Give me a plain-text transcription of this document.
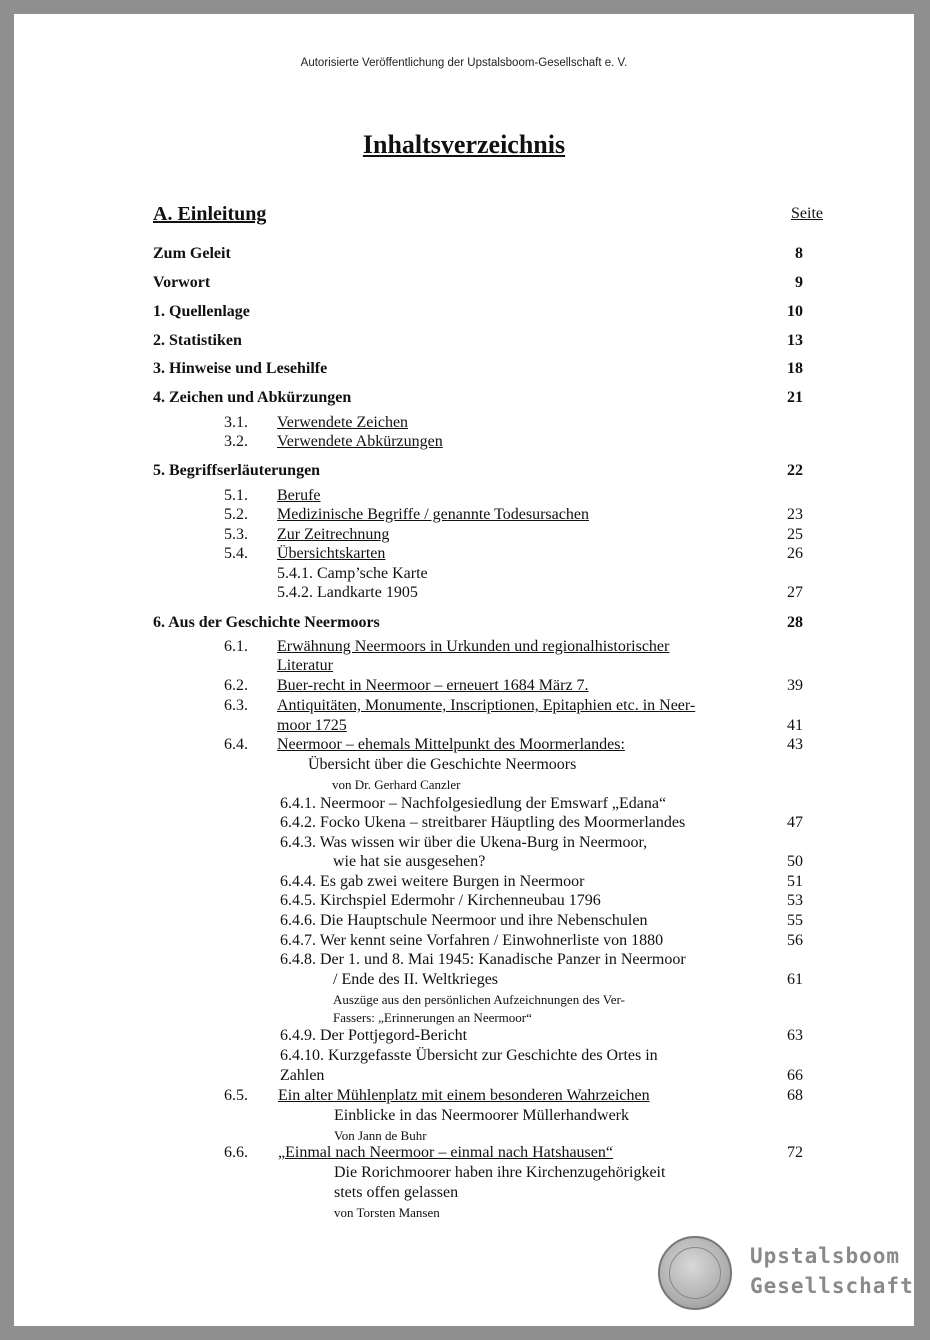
Autorisierte Veröffentlichung der Upstalsboom-Gesellschaft e. V.
Inhaltsverzeichnis
A. Einleitung	Seite
Zum Geleit	8
Vorwort	9
1. Quellenlage	10
2. Statistiken	13
3. Hinweise und Lesehilfe	18
4. Zeichen und Abkürzungen	21
3.1. Verwendete Zeichen
3.2. Verwendete Abkürzungen
5. Begriffserläuterungen	22
5.1. Berufe
5.2. Medizinische Begriffe / genannte Todesursachen	23
5.3. Zur Zeitrechnung	25
5.4. Übersichtskarten	26
5.4.1. Camp’sche Karte
5.4.2. Landkarte 1905	27
6. Aus der Geschichte Neermoors	28
6.1. Erwähnung Neermoors in Urkunden und regionalhistorischer
Literatur
6.2. Buer-recht in Neermoor – erneuert 1684 März 7.	39
6.3. Antiquitäten, Monumente, Inscriptionen, Epitaphien etc. in Neer-
moor 1725	41
6.4. Neermoor – ehemals Mittelpunkt des Moormerlandes:	43
Übersicht über die Geschichte Neermoors
von Dr. Gerhard Canzler
6.4.1. Neermoor – Nachfolgesiedlung der Emswarf „Edana“
6.4.2. Focko Ukena – streitbarer Häuptling des Moormerlandes	47
6.4.3. Was wissen wir über die Ukena-Burg in Neermoor,
wie hat sie ausgesehen?	50
6.4.4. Es gab zwei weitere Burgen in Neermoor	51
6.4.5. Kirchspiel Edermohr / Kirchenneubau 1796	53
6.4.6. Die Hauptschule Neermoor und ihre Nebenschulen	55
6.4.7. Wer kennt seine Vorfahren / Einwohnerliste von 1880	56
6.4.8. Der 1. und 8. Mai 1945: Kanadische Panzer in Neermoor
/ Ende des II. Weltkrieges	61
Auszüge aus den persönlichen Aufzeichnungen des Ver-
Fassers: „Erinnerungen an Neermoor“
6.4.9. Der Pottjegord-Bericht	63
6.4.10. Kurzgefasste Übersicht zur Geschichte des Ortes in
Zahlen	66
6.5. Ein alter Mühlenplatz mit einem besonderen Wahrzeichen	68
Einblicke in das Neermoorer Müllerhandwerk
Von Jann de Buhr
6.6. „Einmal nach Neermoor – einmal nach Hatshausen“	72
Die Rorichmoorer haben ihre Kirchenzugehörigkeit
stets offen gelassen
von Torsten Mansen
Upstalsboom
Gesellschaft
